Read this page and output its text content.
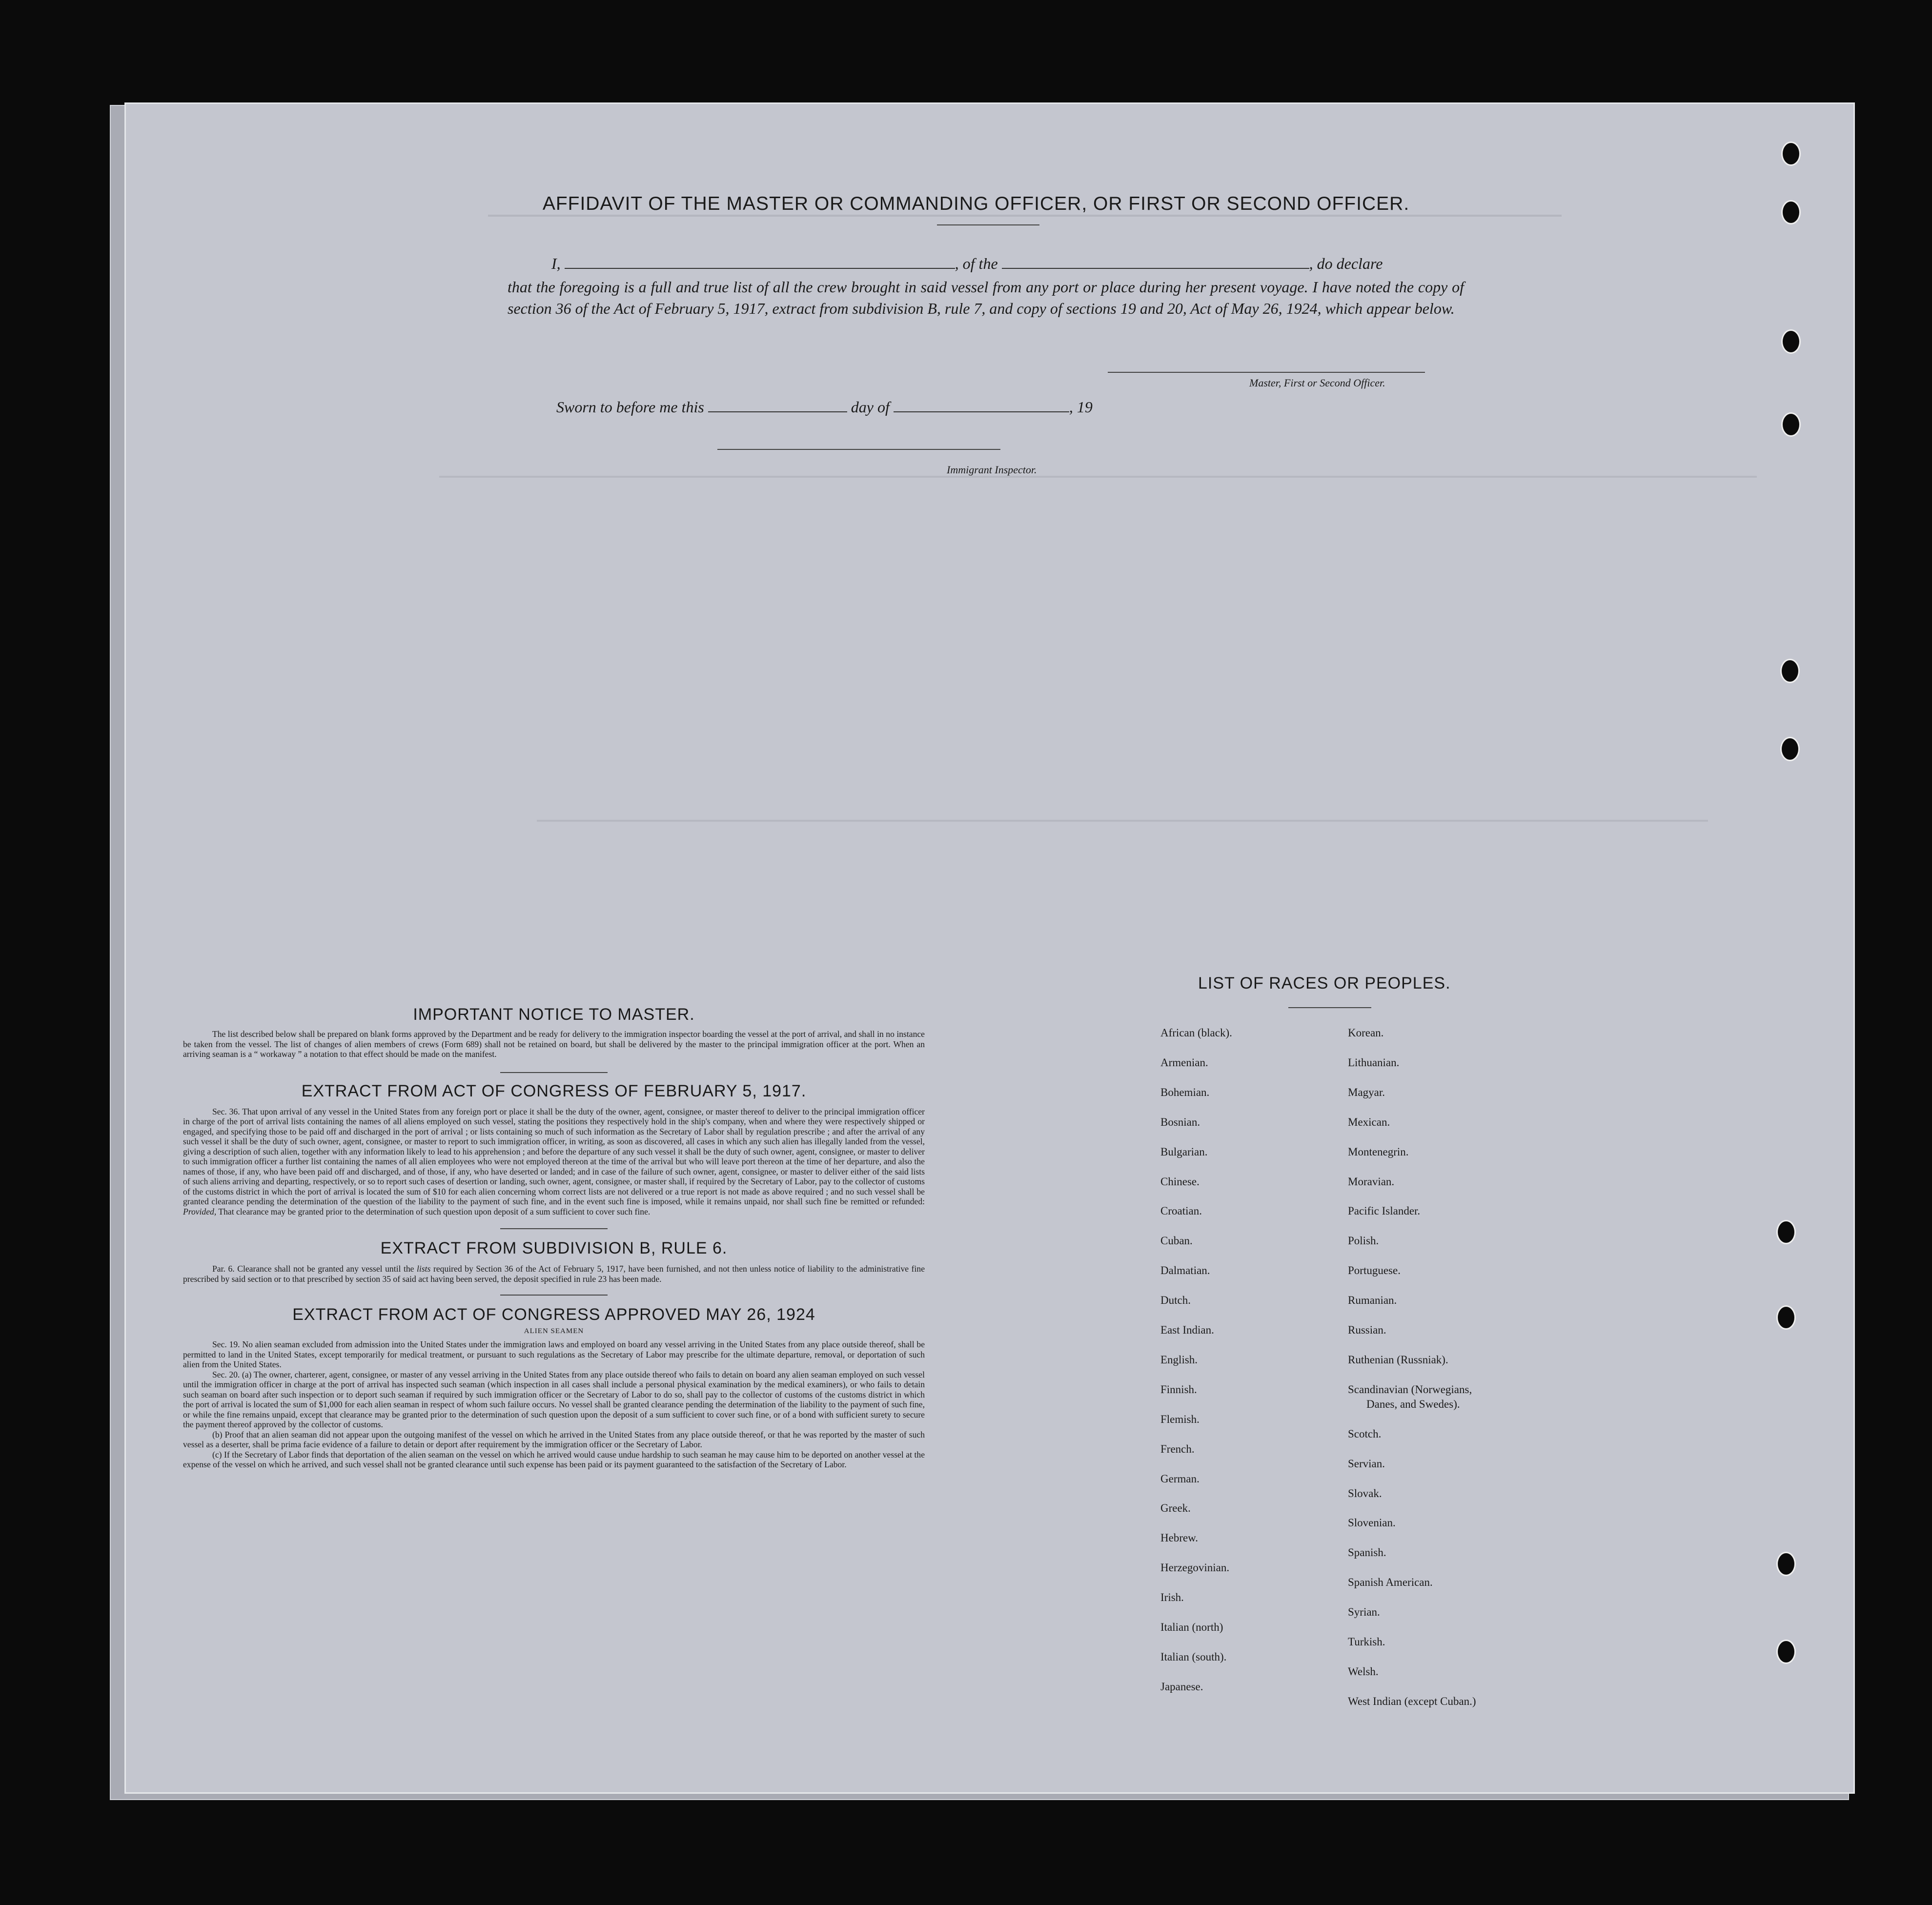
AFFIDAVIT OF THE MASTER OR COMMANDING OFFICER, OR FIRST OR SECOND OFFICER.
I,	, of the	, do declare
that the foregoing is a full and true list of all the crew brought in said vessel from any port or place during her present voyage. I have noted the copy of section 36 of the Act of February 5, 1917, extract from subdivision B, rule 7, and copy of sections 19 and 20, Act of May 26, 1924, which appear below.
Master, First or Second Officer.
Sworn to before me this	day of	, 19
Immigrant Inspector.
IMPORTANT NOTICE TO MASTER.
The list described below shall be prepared on blank forms approved by the Department and be ready for delivery to the immigration inspector boarding the vessel at the port of arrival, and shall in no instance be taken from the vessel. The list of changes of alien members of crews (Form 689) shall not be retained on board, but shall be delivered by the master to the principal immigration officer at the port. When an arriving seaman is a “ workaway ” a notation to that effect should be made on the manifest.
EXTRACT FROM ACT OF CONGRESS OF FEBRUARY 5, 1917.
Sec. 36. That upon arrival of any vessel in the United States from any foreign port or place it shall be the duty of the owner, agent, consignee, or master thereof to deliver to the principal immigration officer in charge of the port of arrival lists containing the names of all aliens employed on such vessel, stating the positions they respectively hold in the ship's company, when and where they were respectively shipped or engaged, and specifying those to be paid off and discharged in the port of arrival ; or lists containing so much of such information as the Secretary of Labor shall by regulation prescribe ; and after the arrival of any such vessel it shall be the duty of such owner, agent, consignee, or master to report to such immigration officer, in writing, as soon as discovered, all cases in which any such alien has illegally landed from the vessel, giving a description of such alien, together with any information likely to lead to his apprehension ; and before the departure of any such vessel it shall be the duty of such owner, agent, consignee, or master to deliver to such immigration officer a further list containing the names of all alien employees who were not employed thereon at the time of the arrival but who will leave port thereon at the time of her departure, and also the names of those, if any, who have been paid off and discharged, and of those, if any, who have deserted or landed; and in case of the failure of such owner, agent, consignee, or master to deliver either of the said lists of such aliens arriving and departing, respectively, or so to report such cases of desertion or landing, such owner, agent, consignee, or master shall, if required by the Secretary of Labor, pay to the collector of customs of the customs district in which the port of arrival is located the sum of $10 for each alien concerning whom correct lists are not delivered or a true report is not made as above required ; and no such vessel shall be granted clearance pending the determination of the question of the liability to the payment of such fine, and in the event such fine is imposed, while it remains unpaid, nor shall such fine be remitted or refunded: Provided, That clearance may be granted prior to the determination of such question upon deposit of a sum sufficient to cover such fine.
EXTRACT FROM SUBDIVISION B, RULE 6.
Par. 6. Clearance shall not be granted any vessel until the lists required by Section 36 of the Act of February 5, 1917, have been furnished, and not then unless notice of liability to the administrative fine prescribed by said section or to that prescribed by section 35 of said act having been served, the deposit specified in rule 23 has been made.
EXTRACT FROM ACT OF CONGRESS APPROVED MAY 26, 1924
ALIEN SEAMEN
Sec. 19. No alien seaman excluded from admission into the United States under the immigration laws and employed on board any vessel arriving in the United States from any place outside thereof, shall be permitted to land in the United States, except temporarily for medical treatment, or pursuant to such regulations as the Secretary of Labor may prescribe for the ultimate departure, removal, or deportation of such alien from the United States.
Sec. 20. (a) The owner, charterer, agent, consignee, or master of any vessel arriving in the United States from any place outside thereof who fails to detain on board any alien seaman employed on such vessel until the immigration officer in charge at the port of arrival has inspected such seaman (which inspection in all cases shall include a personal physical examination by the medical examiners), or who fails to detain such seaman on board after such inspection or to deport such seaman if required by such immigration officer or the Secretary of Labor to do so, shall pay to the collector of customs of the customs district in which the port of arrival is located the sum of $1,000 for each alien seaman in respect of whom such failure occurs. No vessel shall be granted clearance pending the determination of the liability to the payment of such fine, or while the fine remains unpaid, except that clearance may be granted prior to the determination of such question upon the deposit of a sum sufficient to cover such fine, or of a bond with sufficient surety to secure the payment thereof approved by the collector of customs.
(b) Proof that an alien seaman did not appear upon the outgoing manifest of the vessel on which he arrived in the United States from any place outside thereof, or that he was reported by the master of such vessel as a deserter, shall be prima facie evidence of a failure to detain or deport after requirement by the immigration officer or the Secretary of Labor.
(c) If the Secretary of Labor finds that deportation of the alien seaman on the vessel on which he arrived would cause undue hardship to such seaman he may cause him to be deported on another vessel at the expense of the vessel on which he arrived, and such vessel shall not be granted clearance until such expense has been paid or its payment guaranteed to the satisfaction of the Secretary of Labor.
LIST OF RACES OR PEOPLES.
African (black).
Armenian.
Bohemian.
Bosnian.
Bulgarian.
Chinese.
Croatian.
Cuban.
Dalmatian.
Dutch.
East Indian.
English.
Finnish.
Flemish.
French.
German.
Greek.
Hebrew.
Herzegovinian.
Irish.
Italian (north)
Italian (south).
Japanese.
Korean.
Lithuanian.
Magyar.
Mexican.
Montenegrin.
Moravian.
Pacific Islander.
Polish.
Portuguese.
Rumanian.
Russian.
Ruthenian (Russniak).
Scandinavian (Norwegians,
Danes, and Swedes).
Scotch.
Servian.
Slovak.
Slovenian.
Spanish.
Spanish American.
Syrian.
Turkish.
Welsh.
West Indian (except Cuban.)
